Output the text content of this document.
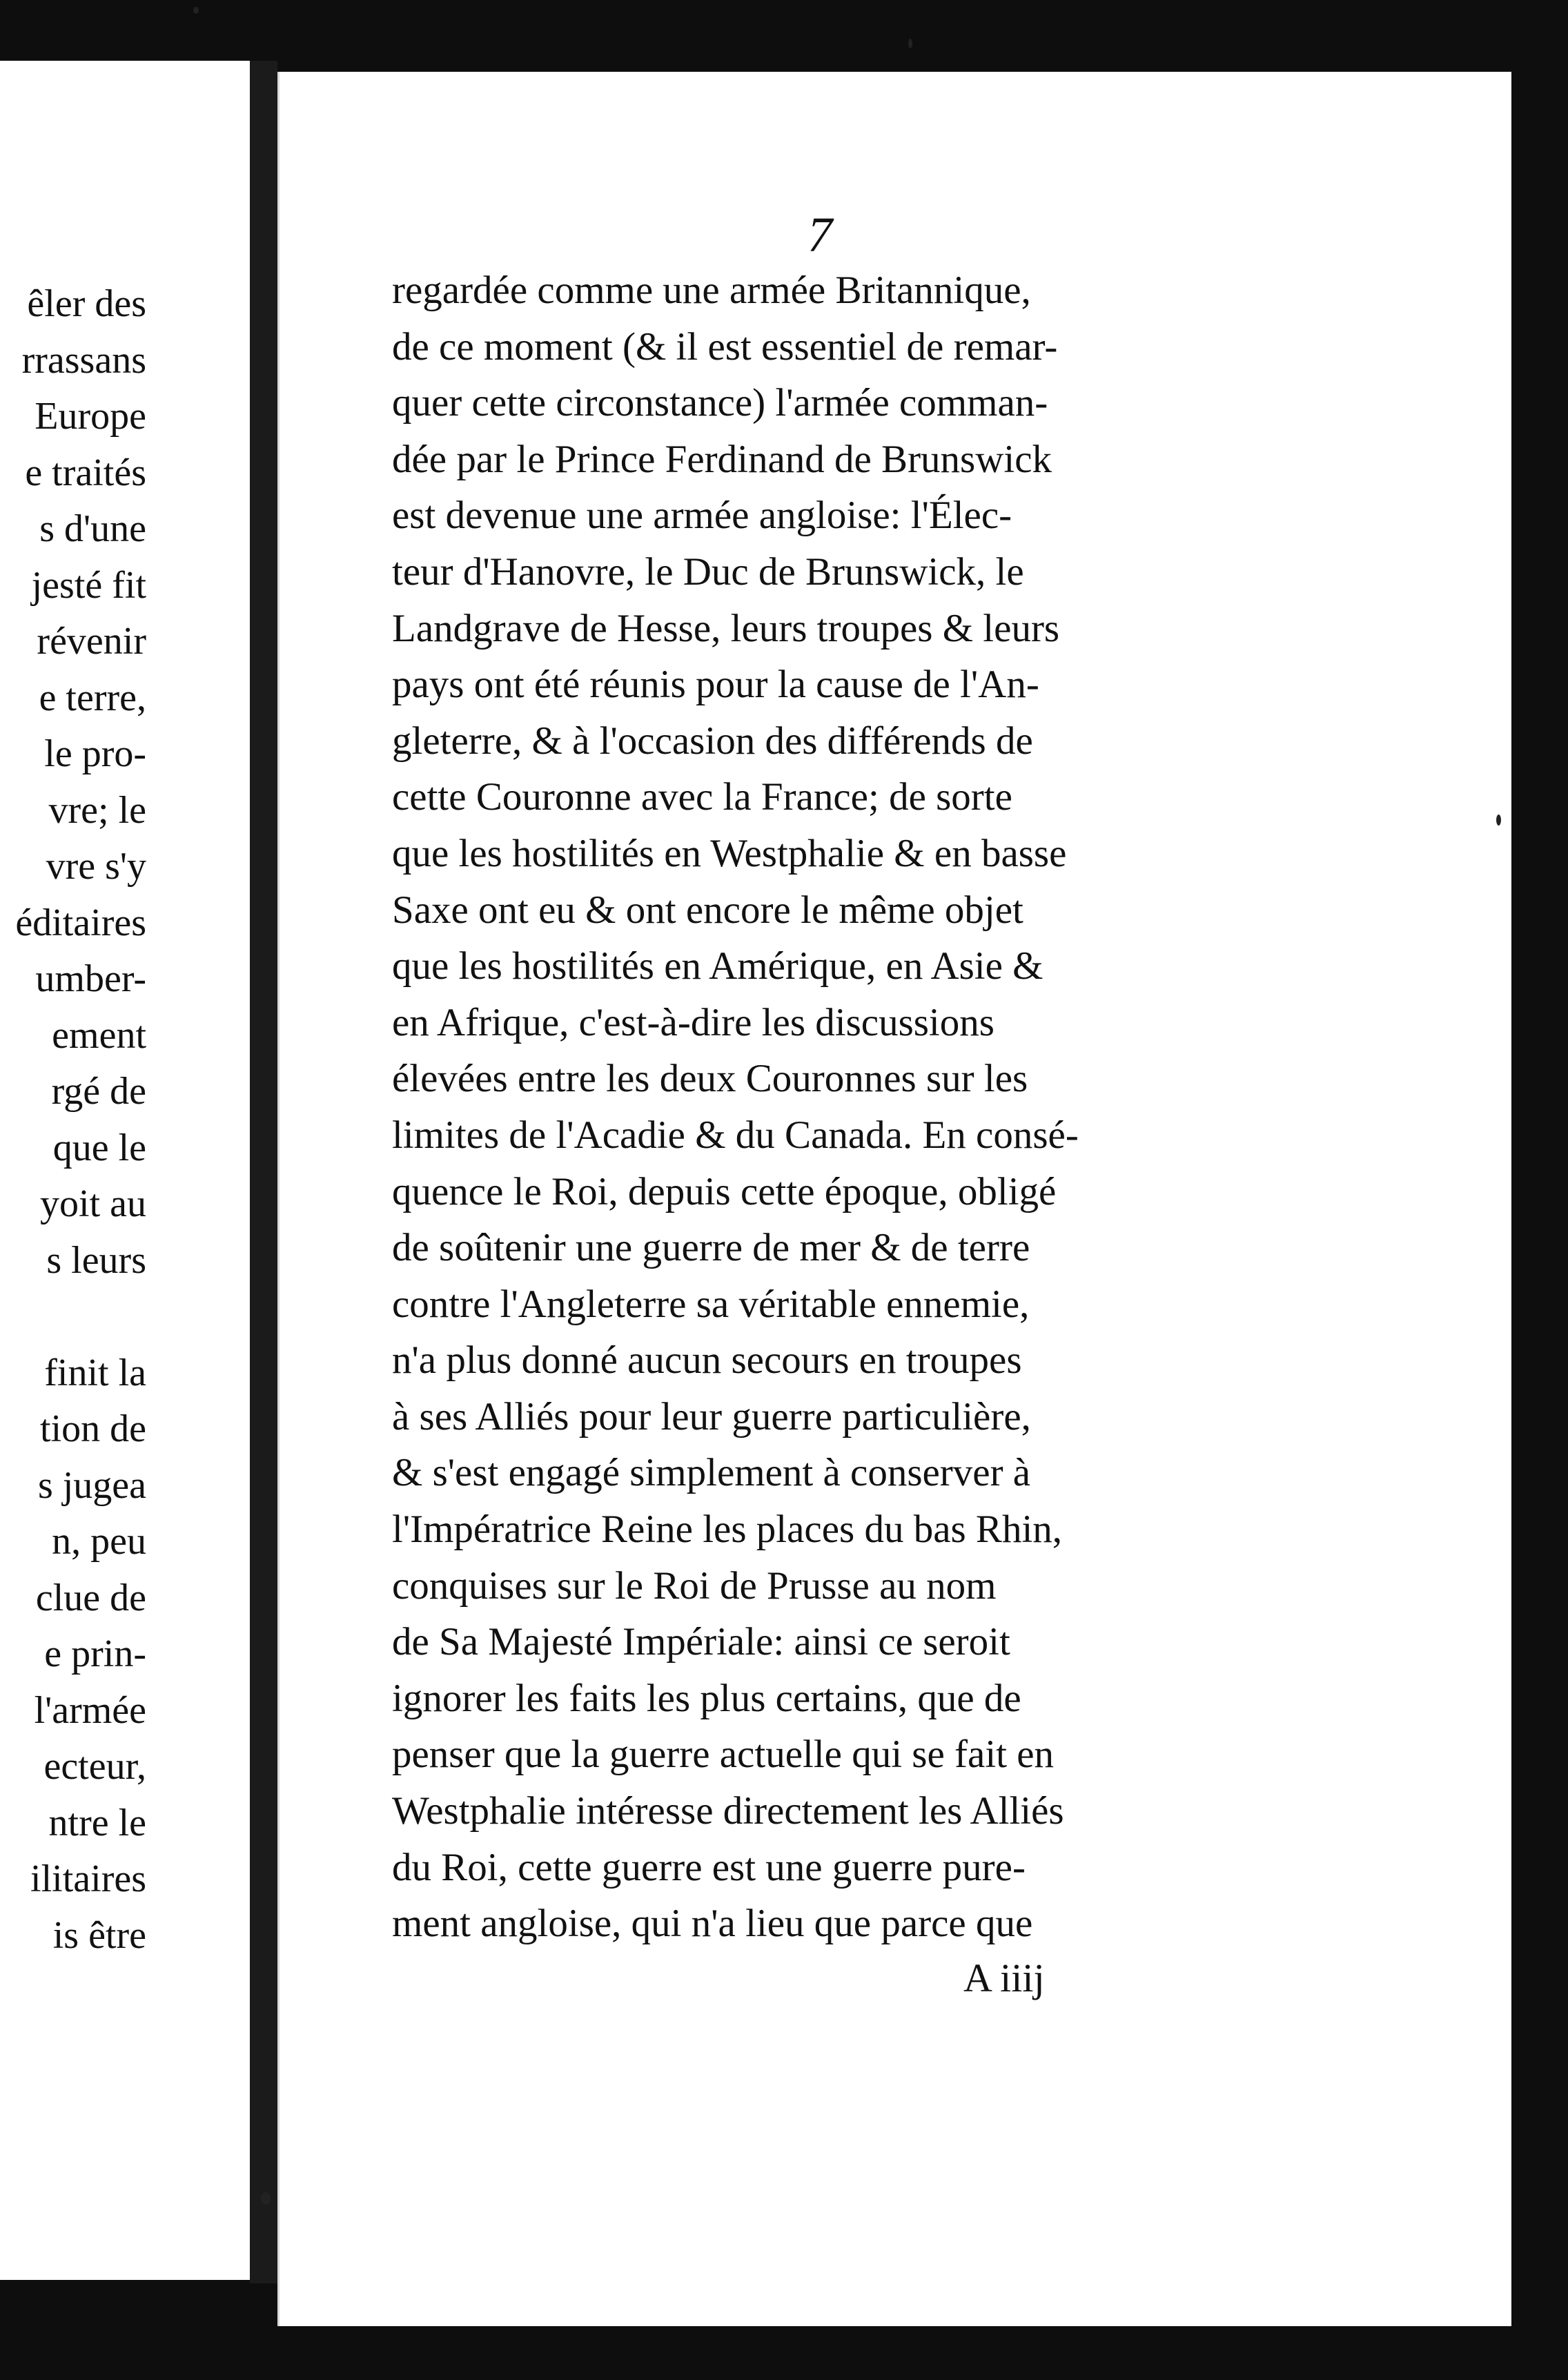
êler des
rrassans
Europe
e traités
s d'une
jesté fit
révenir
e terre,
le pro-
vre; le
vre s'y
éditaires
umber-
ement
rgé de
que le
yoit au
s leurs
finit la
tion de
s jugea
n, peu
clue de
e prin-
l'armée
ecteur,
ntre le
ilitaires
is être
7
regardée comme une armée Britannique,
de ce moment (& il est essentiel de remar-
quer cette circonstance) l'armée comman-
dée par le Prince Ferdinand de Brunswick
est devenue une armée angloise: l'Élec-
teur d'Hanovre, le Duc de Brunswick, le
Landgrave de Hesse, leurs troupes & leurs
pays ont été réunis pour la cause de l'An-
gleterre, & à l'occasion des différends de
cette Couronne avec la France; de sorte
que les hostilités en Westphalie & en basse
Saxe ont eu & ont encore le même objet
que les hostilités en Amérique, en Asie &
en Afrique, c'est-à-dire les discussions
élevées entre les deux Couronnes sur les
limites de l'Acadie & du Canada. En consé-
quence le Roi, depuis cette époque, obligé
de soûtenir une guerre de mer & de terre
contre l'Angleterre sa véritable ennemie,
n'a plus donné aucun secours en troupes
à ses Alliés pour leur guerre particulière,
& s'est engagé simplement à conserver à
l'Impératrice Reine les places du bas Rhin,
conquises sur le Roi de Prusse au nom
de Sa Majesté Impériale: ainsi ce seroit
ignorer les faits les plus certains, que de
penser que la guerre actuelle qui se fait en
Westphalie intéresse directement les Alliés
du Roi, cette guerre est une guerre pure-
ment angloise, qui n'a lieu que parce que
A iiij
